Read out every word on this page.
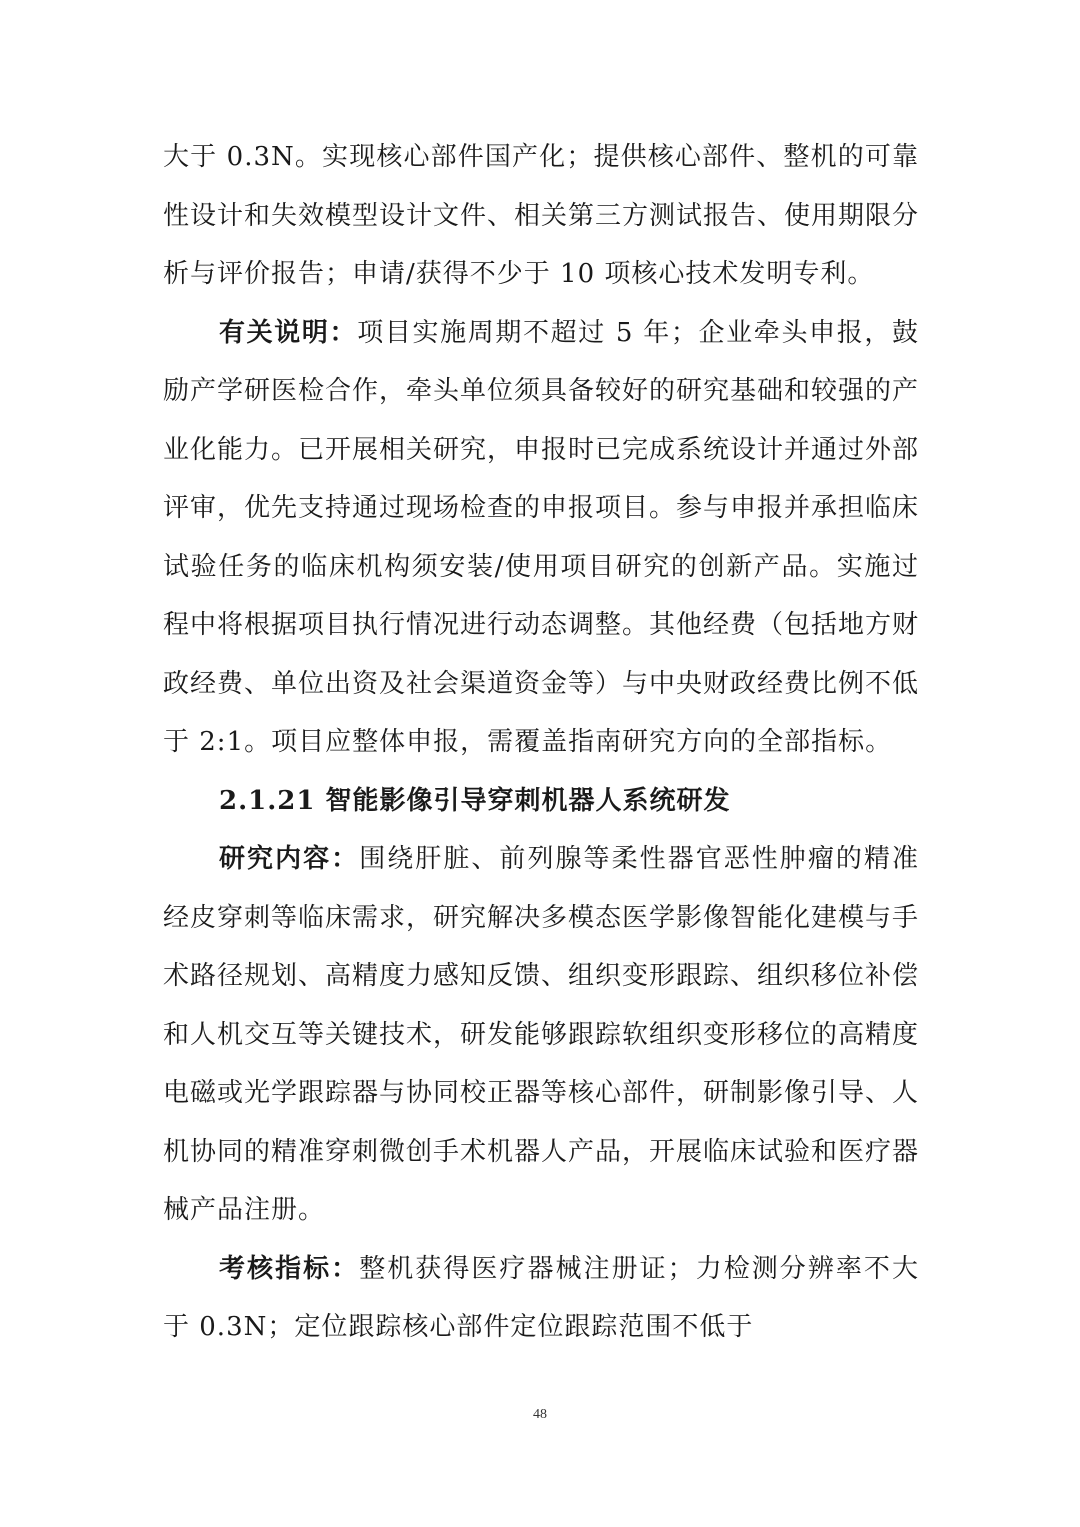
大于 0.3N。实现核心部件国产化；提供核心部件、整机的可靠性设计和失效模型设计文件、相关第三方测试报告、使用期限分析与评价报告；申请/获得不少于 10 项核心技术发明专利。

有关说明：项目实施周期不超过 5 年；企业牵头申报，鼓励产学研医检合作，牵头单位须具备较好的研究基础和较强的产业化能力。已开展相关研究，申报时已完成系统设计并通过外部评审，优先支持通过现场检查的申报项目。参与申报并承担临床试验任务的临床机构须安装/使用项目研究的创新产品。实施过程中将根据项目执行情况进行动态调整。其他经费（包括地方财政经费、单位出资及社会渠道资金等）与中央财政经费比例不低于 2:1。项目应整体申报，需覆盖指南研究方向的全部指标。

2.1.21 智能影像引导穿刺机器人系统研发

研究内容：围绕肝脏、前列腺等柔性器官恶性肿瘤的精准经皮穿刺等临床需求，研究解决多模态医学影像智能化建模与手术路径规划、高精度力感知反馈、组织变形跟踪、组织移位补偿和人机交互等关键技术，研发能够跟踪软组织变形移位的高精度电磁或光学跟踪器与协同校正器等核心部件，研制影像引导、人机协同的精准穿刺微创手术机器人产品，开展临床试验和医疗器械产品注册。

考核指标：整机获得医疗器械注册证；力检测分辨率不大于 0.3N；定位跟踪核心部件定位跟踪范围不低于

48
